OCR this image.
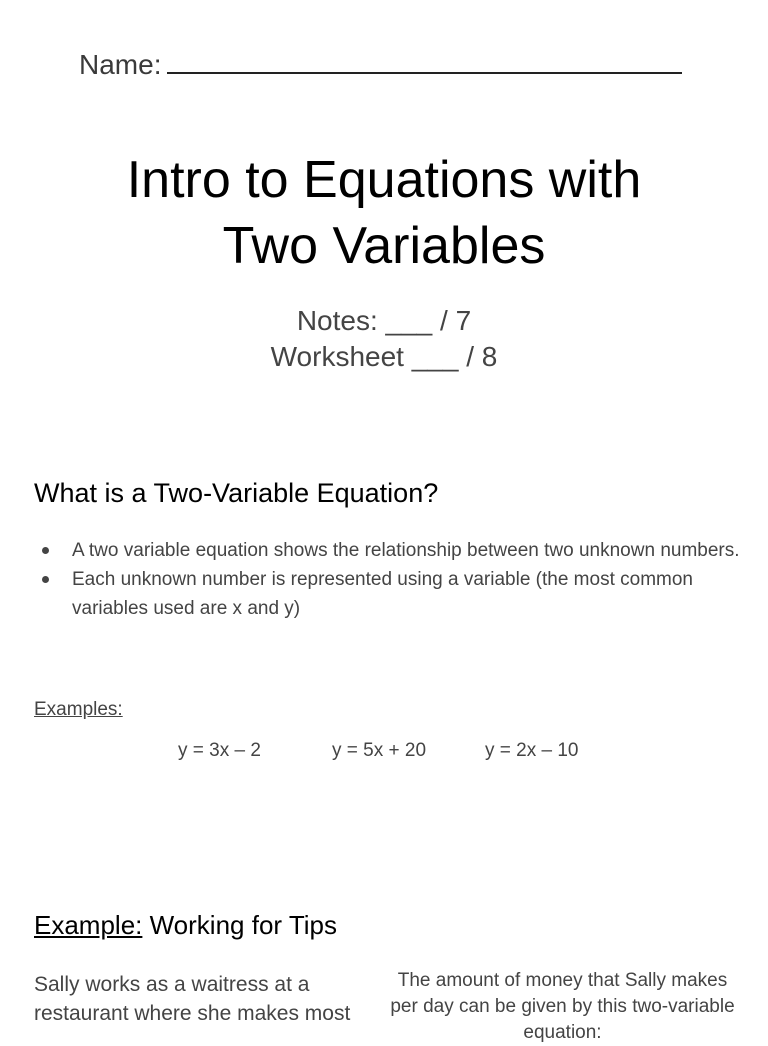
Name:
Intro to Equations with
Two Variables
Notes: ___ / 7
Worksheet ___ / 8
What is a Two-Variable Equation?
A two variable equation shows the relationship between two unknown numbers.
Each unknown number is represented using a variable (the most common variables used are x and y)
Examples:
y = 3x – 2	y = 5x + 20	y = 2x – 10
Example: Working for Tips
Sally works as a waitress at a restaurant where she makes most
The amount of money that Sally makes per day can be given by this two-variable equation:
